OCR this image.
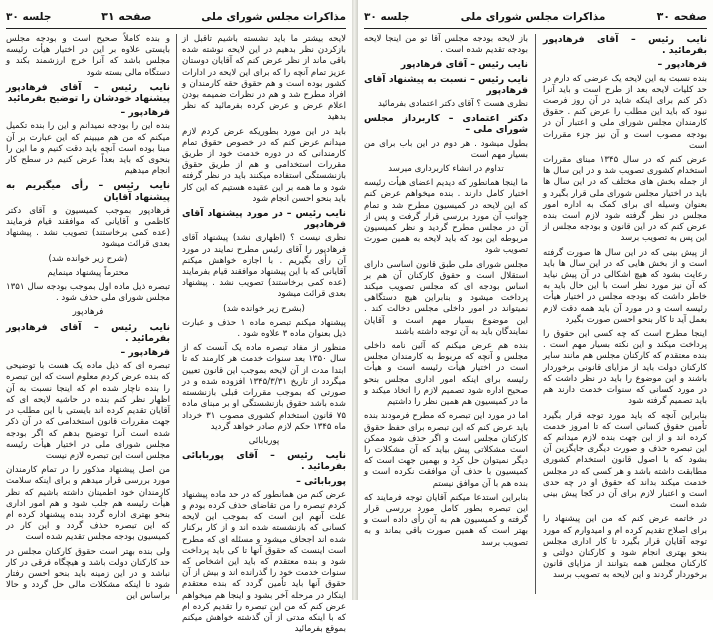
مذاکرات مجلس شورای ملی
صفحه ۳۱
جلسه ۳۰

لایحه بیشتر ما باید نشسته باشیم تاقبل از بازکردن نظر بدهیم در این لایحه نوشته شده باقی ماند از نظر عرض کنم که آقایان دوستان عزیز تمام آنچه را که برای این لایحه در ادارات کشور بوده است و هم حقوق حقه کارمندان و افراد مطرح شد و هم در نظرات ضمیمه بودن اعلام عرض و عرض کرده بفرمائید که نظر بدهید

باید در این مورد بطوریکه عرض کردم لازم میدانم عرض کنم که در خصوص حقوق تمام کارمندانی که در دوره خدمت خود از طریق مقررات استخدامی و هم از طریق حقوق بازنشستگی استفاده میکنند باید در نظر گرفته شود و ما همه بر این عقیده هستیم که این کار باید بنحو احسن انجام شود

نایب رئیس – در مورد پیشنهاد آقای فرهادپور

نظری نیست ؟ (اظهاری نشد) پیشنهاد آقای فرهادپور را آقای رئیس مطرح نمایند در مورد آن رأی بگیریم . با اجازه خواهش میکنم آقایانی که با این پیشنهاد موافقند قیام بفرمایند (عده کمی برخاستند) تصویب نشد . پیشنهاد بعدی قرائت میشود

(بشرح زیر خوانده شد)

پیشنهاد میکنم تبصره ماده ۱ حذف و عبارت ذیل بعنوان ماده ۳ علاوه شود .

منظور از مفاد تبصره ماده یک آنست که از سال ۱۳۵۰ بعد سنوات خدمت هر کارمند که تا ابتدا مدت از آن لایحه بموجب این قانون تعیین میگردد از تاریخ ۱۳۴۵/۳/۳۱ افزوده شده و در صورتی که بموجب مقررات قبلی بازنشسته شده باشد حقوق بازنشستگی او بر مبنای ماده ۷۵ قانون استخدام کشوری مصوب ۳۱ خرداد ماه ۱۳۴۵ حکم لازم صادر خواهد گردید

پوربابائی

نایب رئیس – آقای پوربابائی بفرمائید .

پوربابائی –

عرض کنم من همانطور که در حد ماده پیشنهاد کردم تبصره را من تقاضای حذف کرده بودم و علت آنهم این است که بموجب این لایحه کسانی که بازنشسته شده اند و از کار برکنار شده اند اجحاف میشود و مسئله ای که مطرح است اینست که حقوق آنها تا کی باید پرداخت شود و بنده معتقدم که باید این اشخاص که سنوات خدمت خود را گذرانده اند و بیش از آن حقوق آنها باید تأمین گردد که بنده معتقدم اینکار در مرحله آخر بشود و اینجا هم میخواهم عرض کنم که من این تبصره را تقدیم کرده ام که با اینکه مدتی از آن گذشته خواهش میکنم بموقع بفرمائید

و بنده کاملاً صحیح است و بودجه مجلس بایستی علاوه بر این در اختیار هیأت رئیسه مجلس باشد که آنرا خرج ارزشمند بکند و دستگاه مالی بسته شود

نایب رئیس – آقای فرهادپور پیشنهاد خودشان را توضیح بفرمائید

فرهادپور –

بنده این را بودجه نمیدانم و این را بنده تکمیل میکنم که من هم میبینم که این عبارت بر آن مبنا بوده است آنچه باید دقت کنیم و ما این را بنحوی که باید بعداً عرض کنیم در سطح کار انجام میدهیم

نایب رئیس – رأی میگیریم به پیشنهاد آقایان

فرهادپور بموجب کمیسیون و آقای دکتر کاظمی و آقایانی که موافقند قیام فرمایند (عده کمی برخاستند) تصویب نشد . پیشنهاد بعدی قرائت میشود

(شرح زیر خوانده شد)

محترماً پیشنهاد مینمایم

تبصره ذیل ماده اول بموجب بودجه سال ۱۳۵۱ مجلس شورای ملی حذف شود .

فرهادپور

نایب رئیس – آقای فرهادپور بفرمائید .

فرهادپور –

تبصره ای که ذیل ماده یک هست با توضیحی که بنده عرض کردم معلوم است که این تبصره را بنده ناچار شده ام که اینجا نسبت به آن اظهار نظر کنم بنده در حاشیه لایحه ای که آقایان تقدیم کرده اند بایستی با این مطلب در جهت مقررات قانون استخدامی که در آن ذکر شده است آنرا توضیح بدهم که اگر بودجه مجلس شورای ملی در اختیار هیأت رئیسه مجلس است این تبصره لازم نیست

من اصل پیشنهاد مذکور را در تمام کارمندان مورد بررسی قرار میدهم و برای اینکه سلامت کارمندان خود اطمینان داشته باشیم که نظر هیأت رئیسه هم جلب شود و هم امور اداری بنحو بهتری اداره گردد بنده پیشنهاد کرده ام که این تبصره حذف گردد و این کار در کمیسیون بودجه مجلس تقدیم شده است

ولی بنده بهتر است حقوق کارکنان مجلس در حد کارکنان دولت باشد و هیچگاه فرقی در کار نباشد و در این زمینه باید بنحو احسن رفتار شود تا اینکه مشکلات مالی حل گردد و حالا براساس این

صفحه ۳۰
مذاکرات مجلس شورای ملی
جلسه ۳۰

نایب رئیس – آقای فرهادپور بفرمائید .

فرهادپور –

بنده نسبت به این لایحه یک عرضی که دارم در حد کلیات لایحه بعد از طرح است و باید آنرا ذکر کنم برای اینکه شاید در آن روز فرصت نبود که باید این مطلب را عرض کنم . حقوق کارمندان مجلس شورای ملی و اعتبار آن در بودجه مصوب است و آن نیز جزء مقررات است

عرض کنم که در سال ۱۳۴۵ مبنای مقررات استخدام کشوری تصویب شد و در این سال ها از جمله بخش های مختلف که در این سال ها باید در اختیار مجلس شورای ملی قرار بگیرد و بعنوان وسیله ای برای کمک به اداره امور مجلس در نظر گرفته شود لازم است بنده عرض کنم که در این قانون و بودجه مجلس از این پس به تصویب برسد

از پیش بینی که در این سال ها صورت گرفته است و از بخش هایی که در این سال ها باید رعایت بشود که هیچ اشکالی در آن پیش نیاید که آن نیز مورد نظر است با این حال باید به خاطر داشت که بودجه مجلس در اختیار هیأت رئیسه است و در مورد آن باید همه دقت لازم بعمل آید تا کار بنحو احسن صورت بگیرد

اینجا مطرح است که چه کسی این حقوق را پرداخت میکند و این نکته بسیار مهم است . بنده معتقدم که کارکنان مجلس هم مانند سایر کارکنان دولت باید از مزایای قانونی برخوردار باشند و این موضوع را باید در نظر داشت که در مورد کسانی که سنوات خدمت دارند هم باید تصمیم گرفته شود

بنابراین آنچه که باید مورد توجه قرار بگیرد تأمین حقوق کسانی است که تا امروز خدمت کرده اند و از این جهت بنده لازم میدانم که این تبصره حذف و صورت دیگری جایگزین آن بشود که با اصول قانون استخدام کشوری مطابقت داشته باشد و هر کسی که در مجلس خدمت میکند بداند که حقوق او در چه حدی است و اعتبار لازم برای آن در کجا پیش بینی شده است

در خاتمه عرض کنم که من این پیشنهاد را برای اصلاح تقدیم کرده ام و امیدوارم که مورد توجه آقایان قرار بگیرد تا کار اداری مجلس بنحو بهتری انجام شود و کارکنان دولتی و کارکنان مجلس همه بتوانند از مزایای قانون برخوردار گردند و این لایحه به تصویب برسد

باز لایحه بودجه مجلس آقا تو من اینجا لایحه بودجه تقدیم شده است .

نایب رئیس – آقای فرهادپور

نایب رئیس – نسبت به پیشنهاد آقای فرهادپور

نظری هست ؟ آقای دکتر اعتمادی بفرمائید

دکتر اعتمادی – کاربرداز مجلس شورای ملی –

بطول میشود . هر دوم در این باب برای من بسیار مهم است

تداوم در انشاء کاربرداری میرسد

ما اینجا همانطور که دیدیم اعضای هیأت رئیسه اختیار کامل دارند . بنده میخواهم عرض کنم که این لایحه در کمیسیون مطرح شد و تمام جوانب آن مورد بررسی قرار گرفت و پس از آن در مجلس مطرح گردید و نظر کمیسیون مربوطه این بود که باید لایحه به همین صورت تصویب شود

مجلس شورای ملی طبق قانون اساسی دارای استقلال است و حقوق کارکنان آن هم بر اساس بودجه ای که مجلس تصویب میکند پرداخت میشود و بنابراین هیچ دستگاهی نمیتواند در امور داخلی مجلس دخالت کند . این موضوع بسیار مهم است و آقایان نمایندگان باید به آن توجه داشته باشند

بنده هم عرض میکنم که آئین نامه داخلی مجلس و آنچه که مربوط به کارمندان مجلس است در اختیار هیأت رئیسه است و هیأت رئیسه برای اینکه امور اداری مجلس بنحو صحیح اداره شود تصمیم لازم را اتخاذ میکند و ما در کمیسیون هم همین نظر را داشتیم

اما در مورد این تبصره که مطرح فرمودند بنده باید عرض کنم که این تبصره برای حفظ حقوق کارکنان مجلس است و اگر حذف شود ممکن است مشکلاتی پیش بیاید که آن مشکلات را دیگر نمیتوان حل کرد و بهمین جهت است که کمیسیون با حذف آن موافقت نکرده است و بنده هم با آن موافق نیستم

بنابراین استدعا میکنم آقایان توجه فرمایند که این تبصره بطور کامل مورد بررسی قرار گرفته و کمیسیون هم به آن رأی داده است و بهتر است که همین صورت باقی بماند و به تصویب برسد
